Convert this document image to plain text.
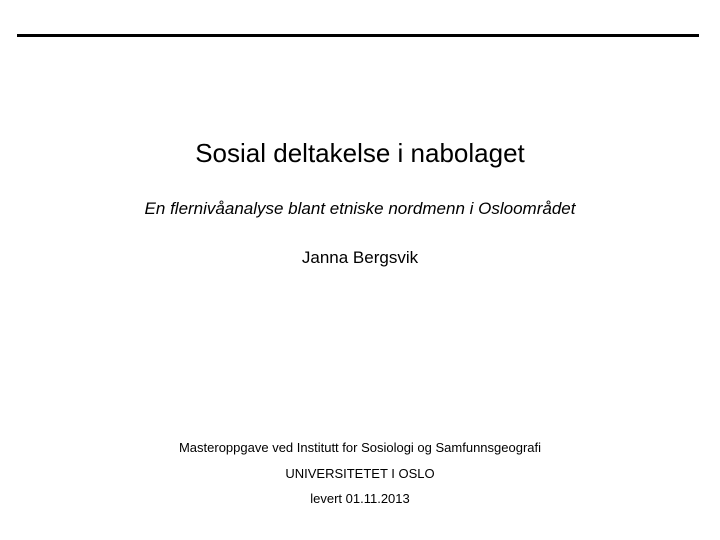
Sosial deltakelse i nabolaget
En flernivåanalyse blant etniske nordmenn i Osloområdet
Janna Bergsvik
Masteroppgave ved Institutt for Sosiologi og Samfunnsgeografi
UNIVERSITETET I OSLO
levert 01.11.2013
